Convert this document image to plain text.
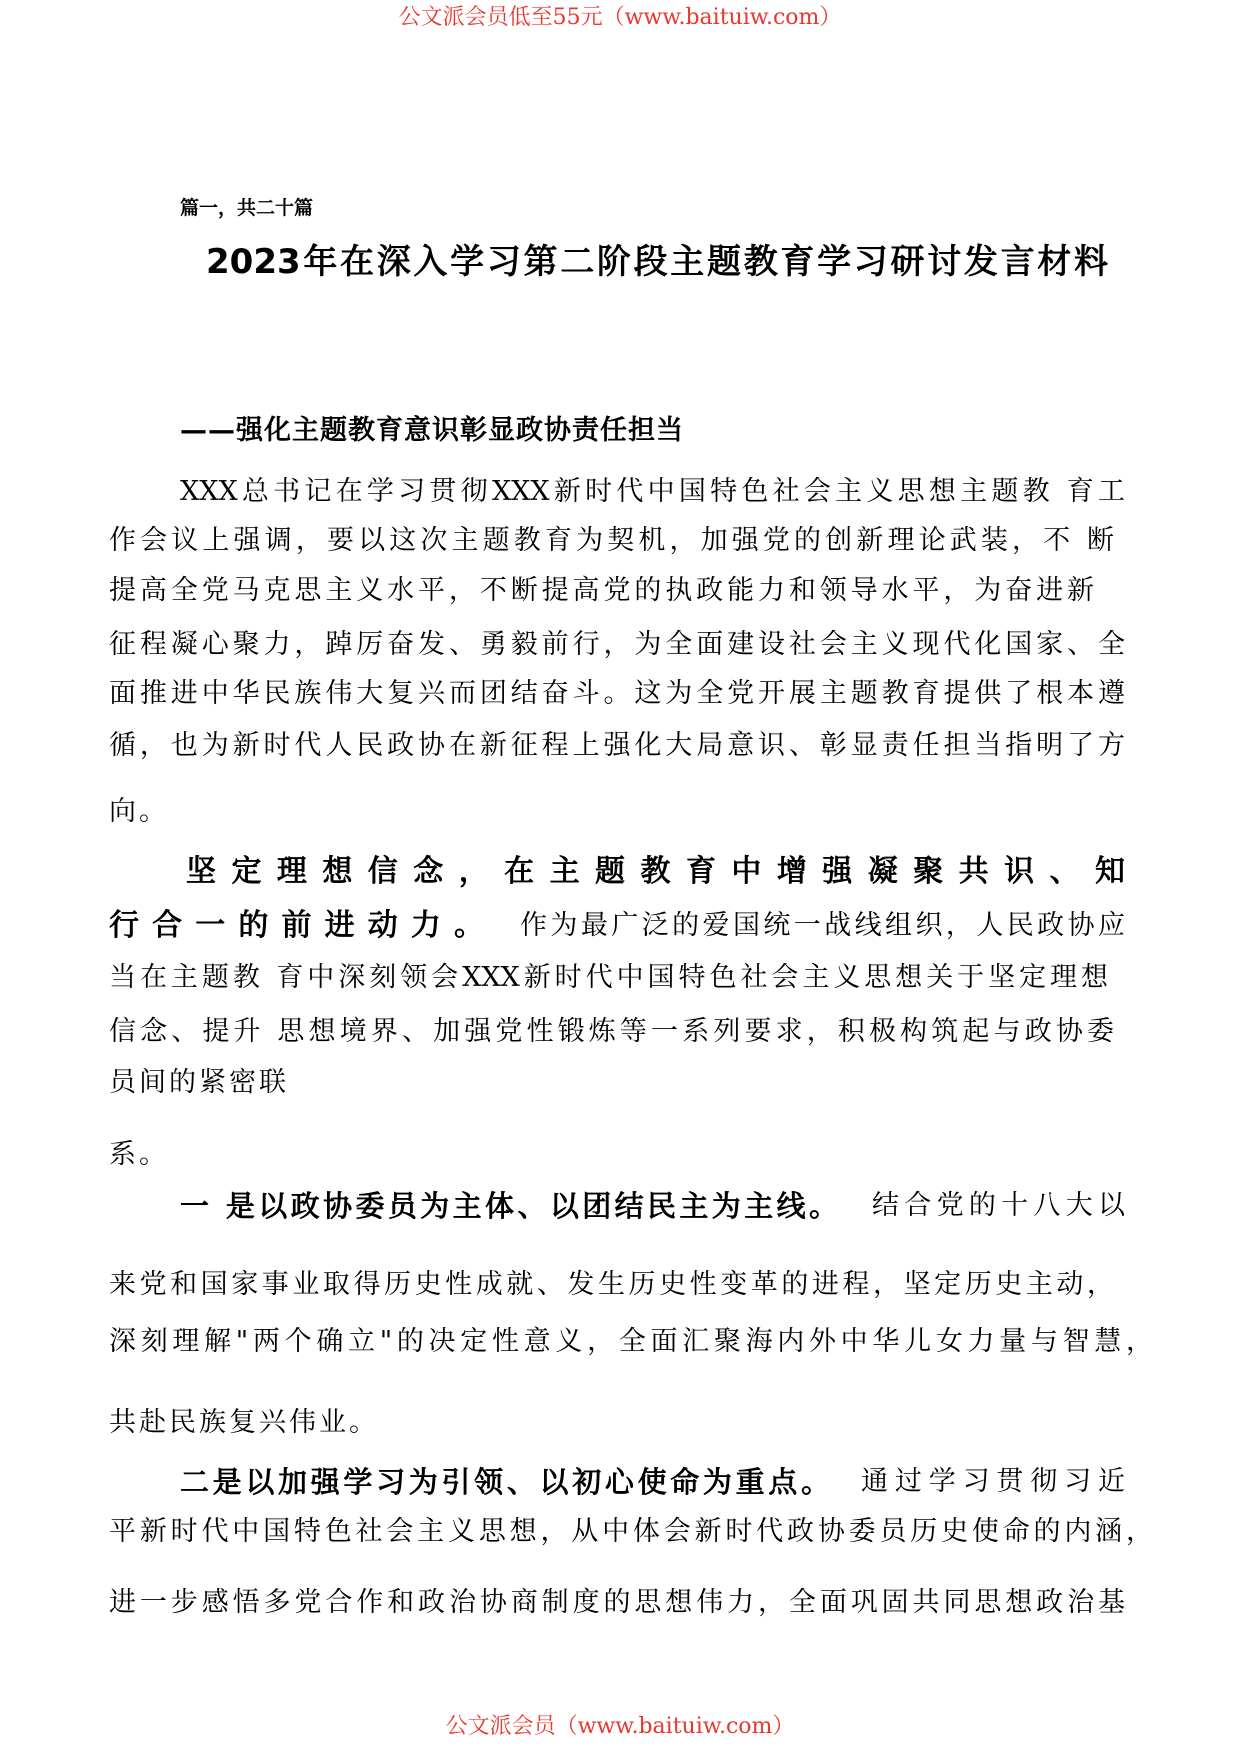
公文派会员低至55元（www.baituiw.com）
公文派会员（www.baituiw.com）
篇一，共二十篇
2023年在深入学习第二阶段主题教育学习研讨发言材料
——强化主题教育意识彰显政协责任担当
XXX总书记在学习贯彻XXX新时代中国特色社会主义思想主题教 育工
作会议上强调，要以这次主题教育为契机，加强党的创新理论武装，不 断
提高全党马克思主义水平，不断提高党的执政能力和领导水平，为奋进新
征程凝心聚力，踔厉奋发、勇毅前行，为全面建设社会主义现代化国家、全
面推进中华民族伟大复兴而团结奋斗。这为全党开展主题教育提供了根本遵
循，也为新时代人民政协在新征程上强化大局意识、彰显责任担当指明了方
向。
坚定理想信念，在主题教育中增强凝聚共识、知
行合一的前进动力。 作为最广泛的爱国统一战线组织，人民政协应
当在主题教 育中深刻领会XXX新时代中国特色社会主义思想关于坚定理想
信念、提升 思想境界、加强党性锻炼等一系列要求，积极构筑起与政协委
员间的紧密联
系。
一 是以政协委员为主体、以团结民主为主线。 结合党的十八大以
来党和国家事业取得历史性成就、发生历史性变革的进程，坚定历史主动，
深刻理解"两个确立"的决定性意义，全面汇聚海内外中华儿女力量与智慧，
共赴民族复兴伟业。
二是以加强学习为引领、以初心使命为重点。 通过学习贯彻习近
平新时代中国特色社会主义思想，从中体会新时代政协委员历史使命的内涵，
进一步感悟多党合作和政治协商制度的思想伟力，全面巩固共同思想政治基
